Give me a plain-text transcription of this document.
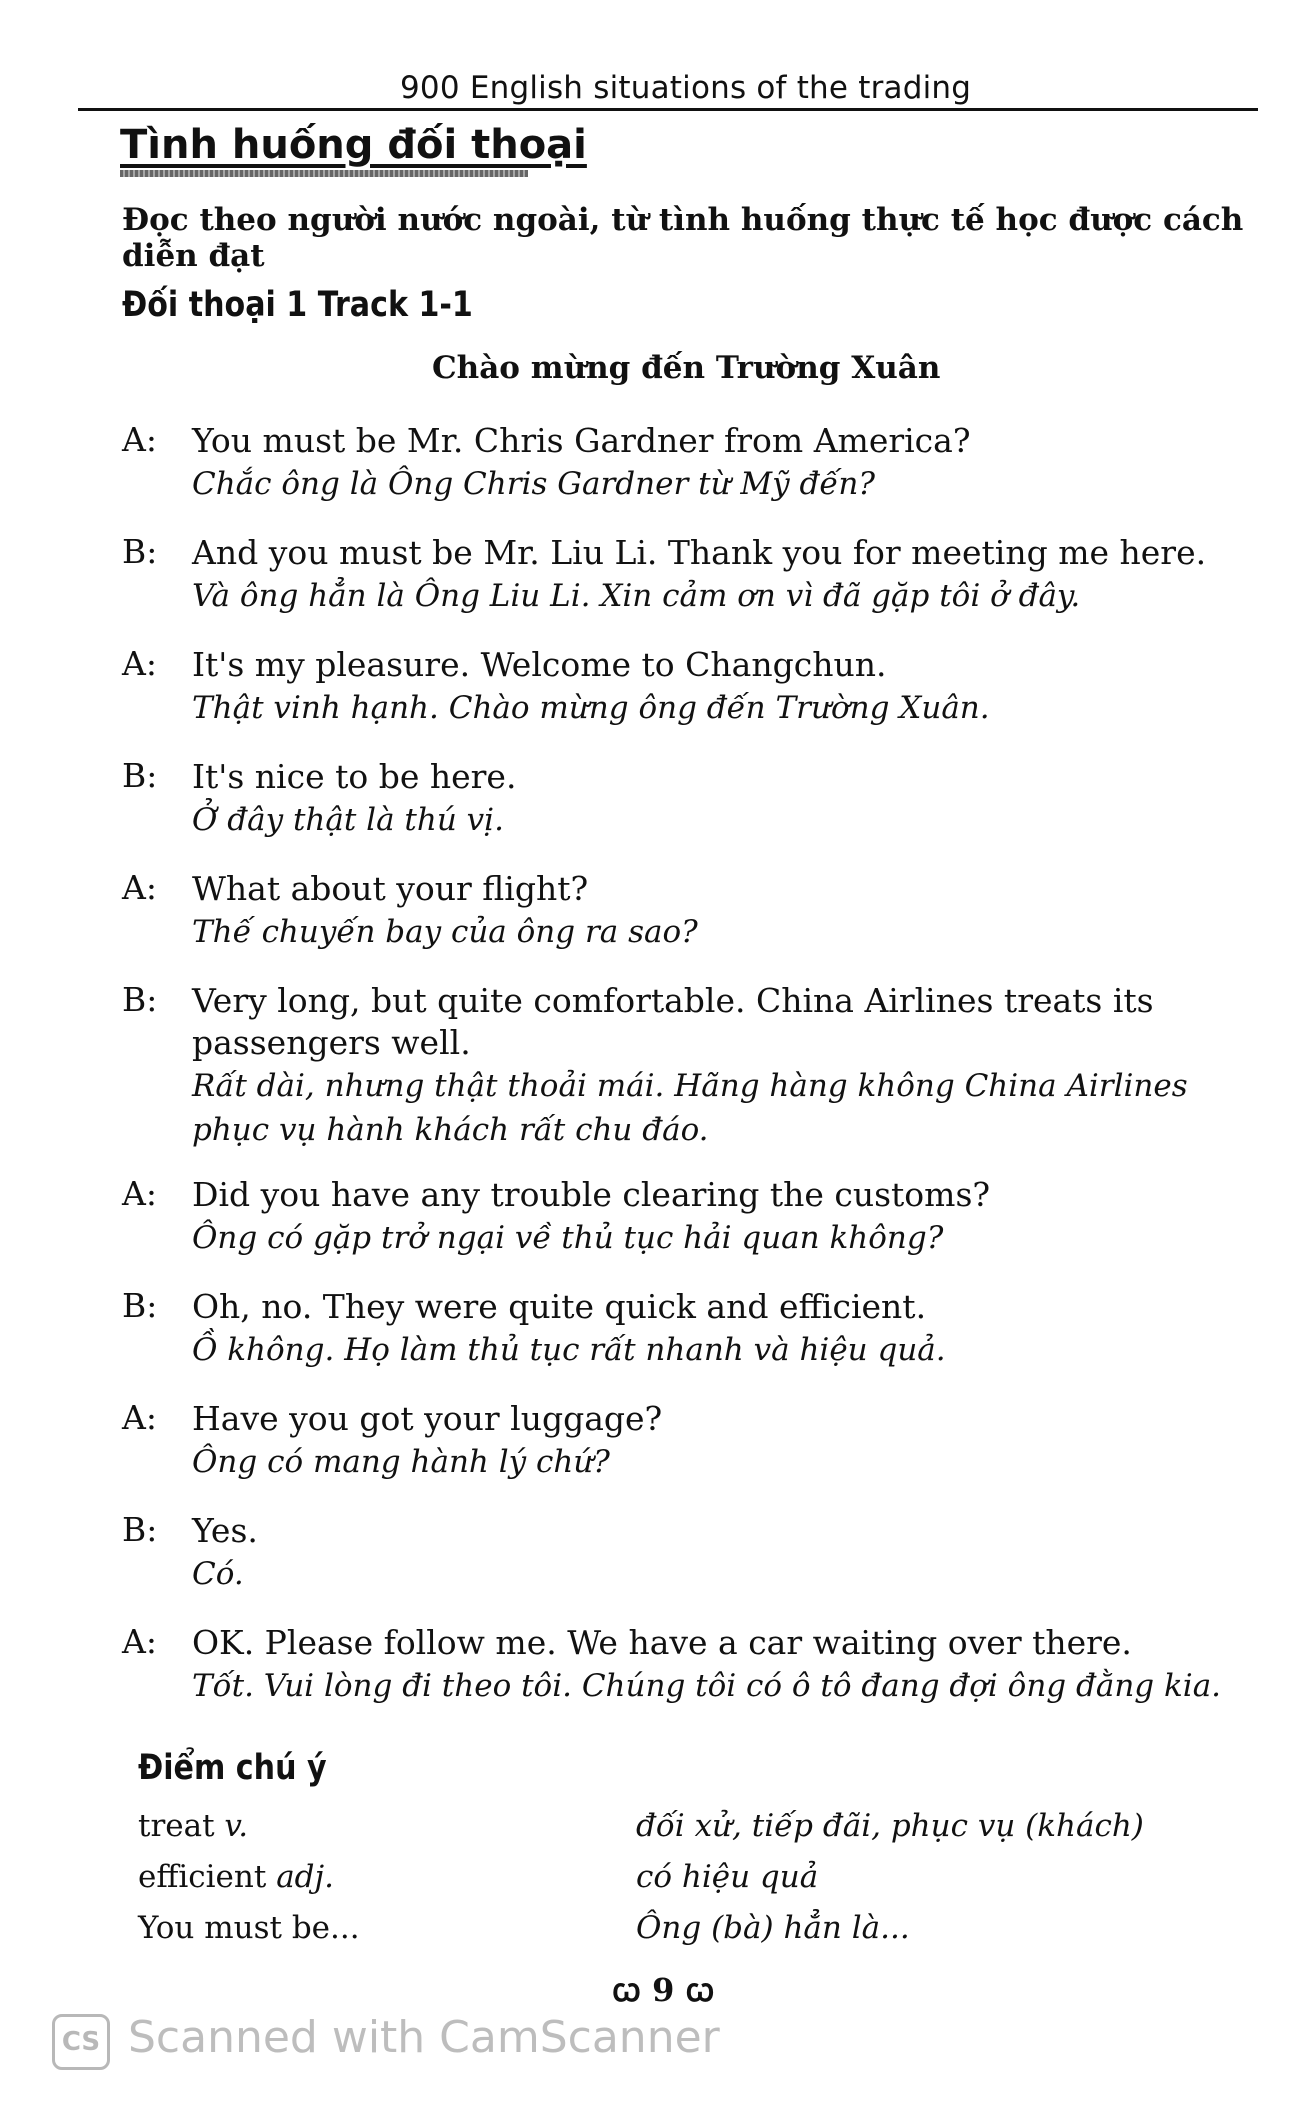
900 English situations of the trading
Tình huống đối thoại
Đọc theo người nước ngoài, từ tình huống thực tế học được cách diễn đạt
Đối thoại 1 Track 1-1
Chào mừng đến Trường Xuân
A: You must be Mr. Chris Gardner from America?
Chắc ông là Ông Chris Gardner từ Mỹ đến?
B: And you must be Mr. Liu Li. Thank you for meeting me here.
Và ông hẳn là Ông Liu Li. Xin cảm ơn vì đã gặp tôi ở đây.
A: It's my pleasure. Welcome to Changchun.
Thật vinh hạnh. Chào mừng ông đến Trường Xuân.
B: It's nice to be here.
Ở đây thật là thú vị.
A: What about your flight?
Thế chuyến bay của ông ra sao?
B: Very long, but quite comfortable. China Airlines treats its passengers well.
Rất dài, nhưng thật thoải mái. Hãng hàng không China Airlines phục vụ hành khách rất chu đáo.
A: Did you have any trouble clearing the customs?
Ông có gặp trở ngại về thủ tục hải quan không?
B: Oh, no. They were quite quick and efficient.
Ồ không. Họ làm thủ tục rất nhanh và hiệu quả.
A: Have you got your luggage?
Ông có mang hành lý chứ?
B: Yes.
Có.
A: OK. Please follow me. We have a car waiting over there.
Tốt. Vui lòng đi theo tôi. Chúng tôi có ô tô đang đợi ông đằng kia.
Điểm chú ý
treat v.	đối xử, tiếp đãi, phục vụ (khách)
efficient adj.	có hiệu quả
You must be...	Ông (bà) hẳn là...
ꞷ 9 ꞷ
CS Scanned with CamScanner
